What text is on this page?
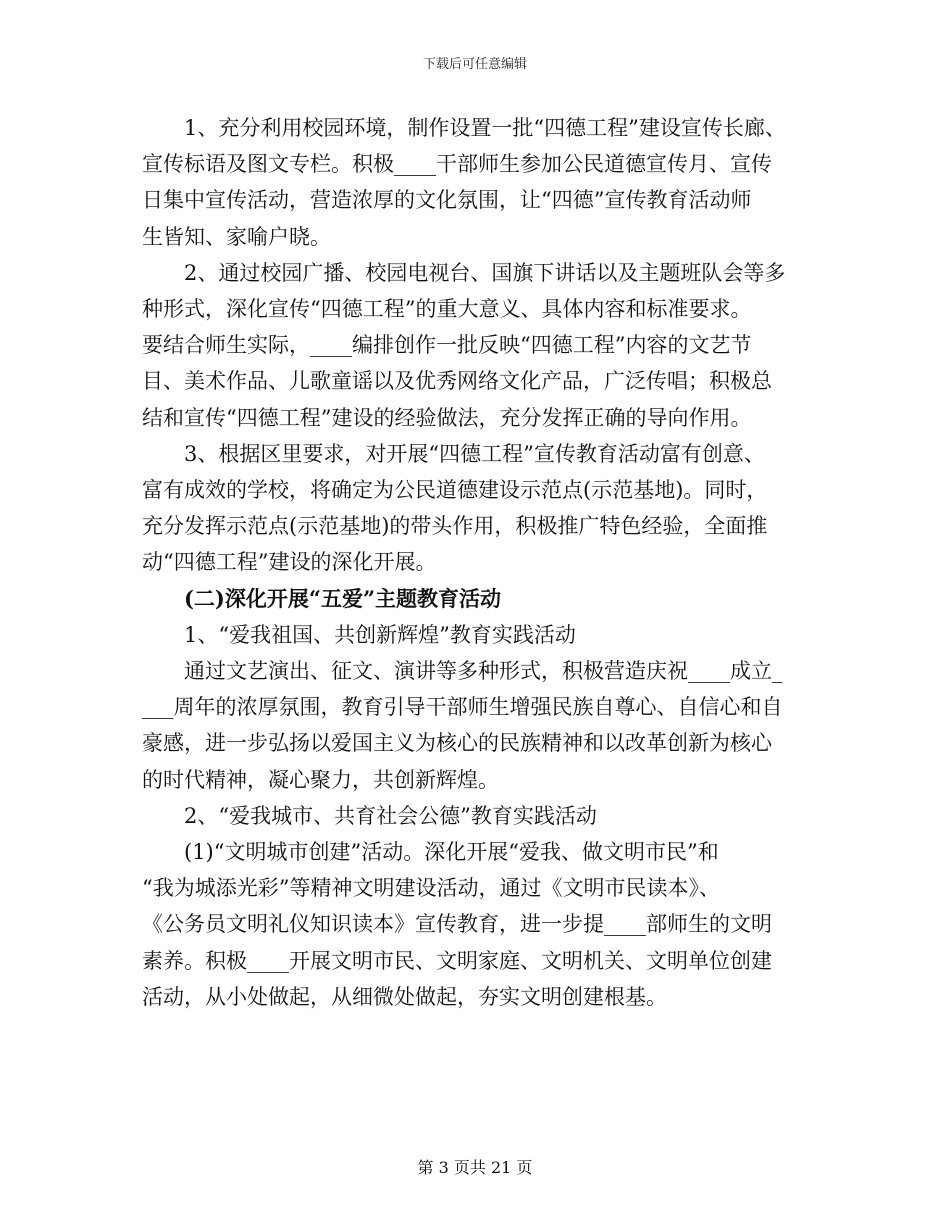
下载后可任意编辑

1、充分利用校园环境，制作设置一批“四德工程”建设宣传长廊、
宣传标语及图文专栏。积极____干部师生参加公民道德宣传月、宣传
日集中宣传活动，营造浓厚的文化氛围，让“四德”宣传教育活动师
生皆知、家喻户晓。

2、通过校园广播、校园电视台、国旗下讲话以及主题班队会等多
种形式，深化宣传“四德工程”的重大意义、具体内容和标准要求。
要结合师生实际，____编排创作一批反映“四德工程”内容的文艺节
目、美术作品、儿歌童谣以及优秀网络文化产品，广泛传唱；积极总
结和宣传“四德工程”建设的经验做法，充分发挥正确的导向作用。

3、根据区里要求，对开展“四德工程”宣传教育活动富有创意、
富有成效的学校，将确定为公民道德建设示范点(示范基地)。同时，
充分发挥示范点(示范基地)的带头作用，积极推广特色经验，全面推
动“四德工程”建设的深化开展。

(二)深化开展“五爱”主题教育活动

1、“爱我祖国、共创新辉煌”教育实践活动

通过文艺演出、征文、演讲等多种形式，积极营造庆祝____成立_
___周年的浓厚氛围，教育引导干部师生增强民族自尊心、自信心和自
豪感，进一步弘扬以爱国主义为核心的民族精神和以改革创新为核心
的时代精神，凝心聚力，共创新辉煌。

2、“爱我城市、共育社会公德”教育实践活动

(1)“文明城市创建”活动。深化开展“爱我、做文明市民”和
“我为城添光彩”等精神文明建设活动，通过《文明市民读本》、
《公务员文明礼仪知识读本》宣传教育，进一步提____部师生的文明
素养。积极____开展文明市民、文明家庭、文明机关、文明单位创建
活动，从小处做起，从细微处做起，夯实文明创建根基。

第 3 页共 21 页
